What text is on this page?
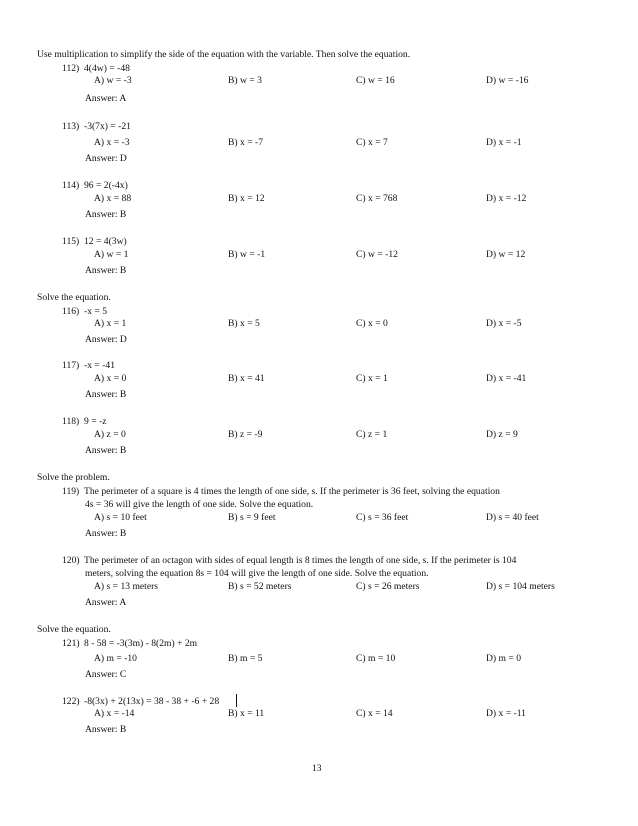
Use multiplication to simplify the side of the equation with the variable. Then solve the equation.
112) 4(4w) = -48
A) w = -3	B) w = 3	C) w = 16	D) w = -16
Answer: A
113) -3(7x) = -21
A) x = -3	B) x = -7	C) x = 7	D) x = -1
Answer: D
114) 96 = 2(-4x)
A) x = 88	B) x = 12	C) x = 768	D) x = -12
Answer: B
115) 12 = 4(3w)
A) w = 1	B) w = -1	C) w = -12	D) w = 12
Answer: B
Solve the equation.
116) -x = 5
A) x = 1	B) x = 5	C) x = 0	D) x = -5
Answer: D
117) -x = -41
A) x = 0	B) x = 41	C) x = 1	D) x = -41
Answer: B
118) 9 = -z
A) z = 0	B) z = -9	C) z = 1	D) z = 9
Answer: B
Solve the problem.
119) The perimeter of a square is 4 times the length of one side, s. If the perimeter is 36 feet, solving the equation
4s = 36 will give the length of one side. Solve the equation.
A) s = 10 feet	B) s = 9 feet	C) s = 36 feet	D) s = 40 feet
Answer: B
120) The perimeter of an octagon with sides of equal length is 8 times the length of one side, s. If the perimeter is 104
meters, solving the equation 8s = 104 will give the length of one side. Solve the equation.
A) s = 13 meters	B) s = 52 meters	C) s = 26 meters	D) s = 104 meters
Answer: A
Solve the equation.
121) 8 - 58 = -3(3m) - 8(2m) + 2m
A) m = -10	B) m = 5	C) m = 10	D) m = 0
Answer: C
122) -8(3x) + 2(13x) = 38 - 38 + -6 + 28
A) x = -14	B) x = 11	C) x = 14	D) x = -11
Answer: B
13
